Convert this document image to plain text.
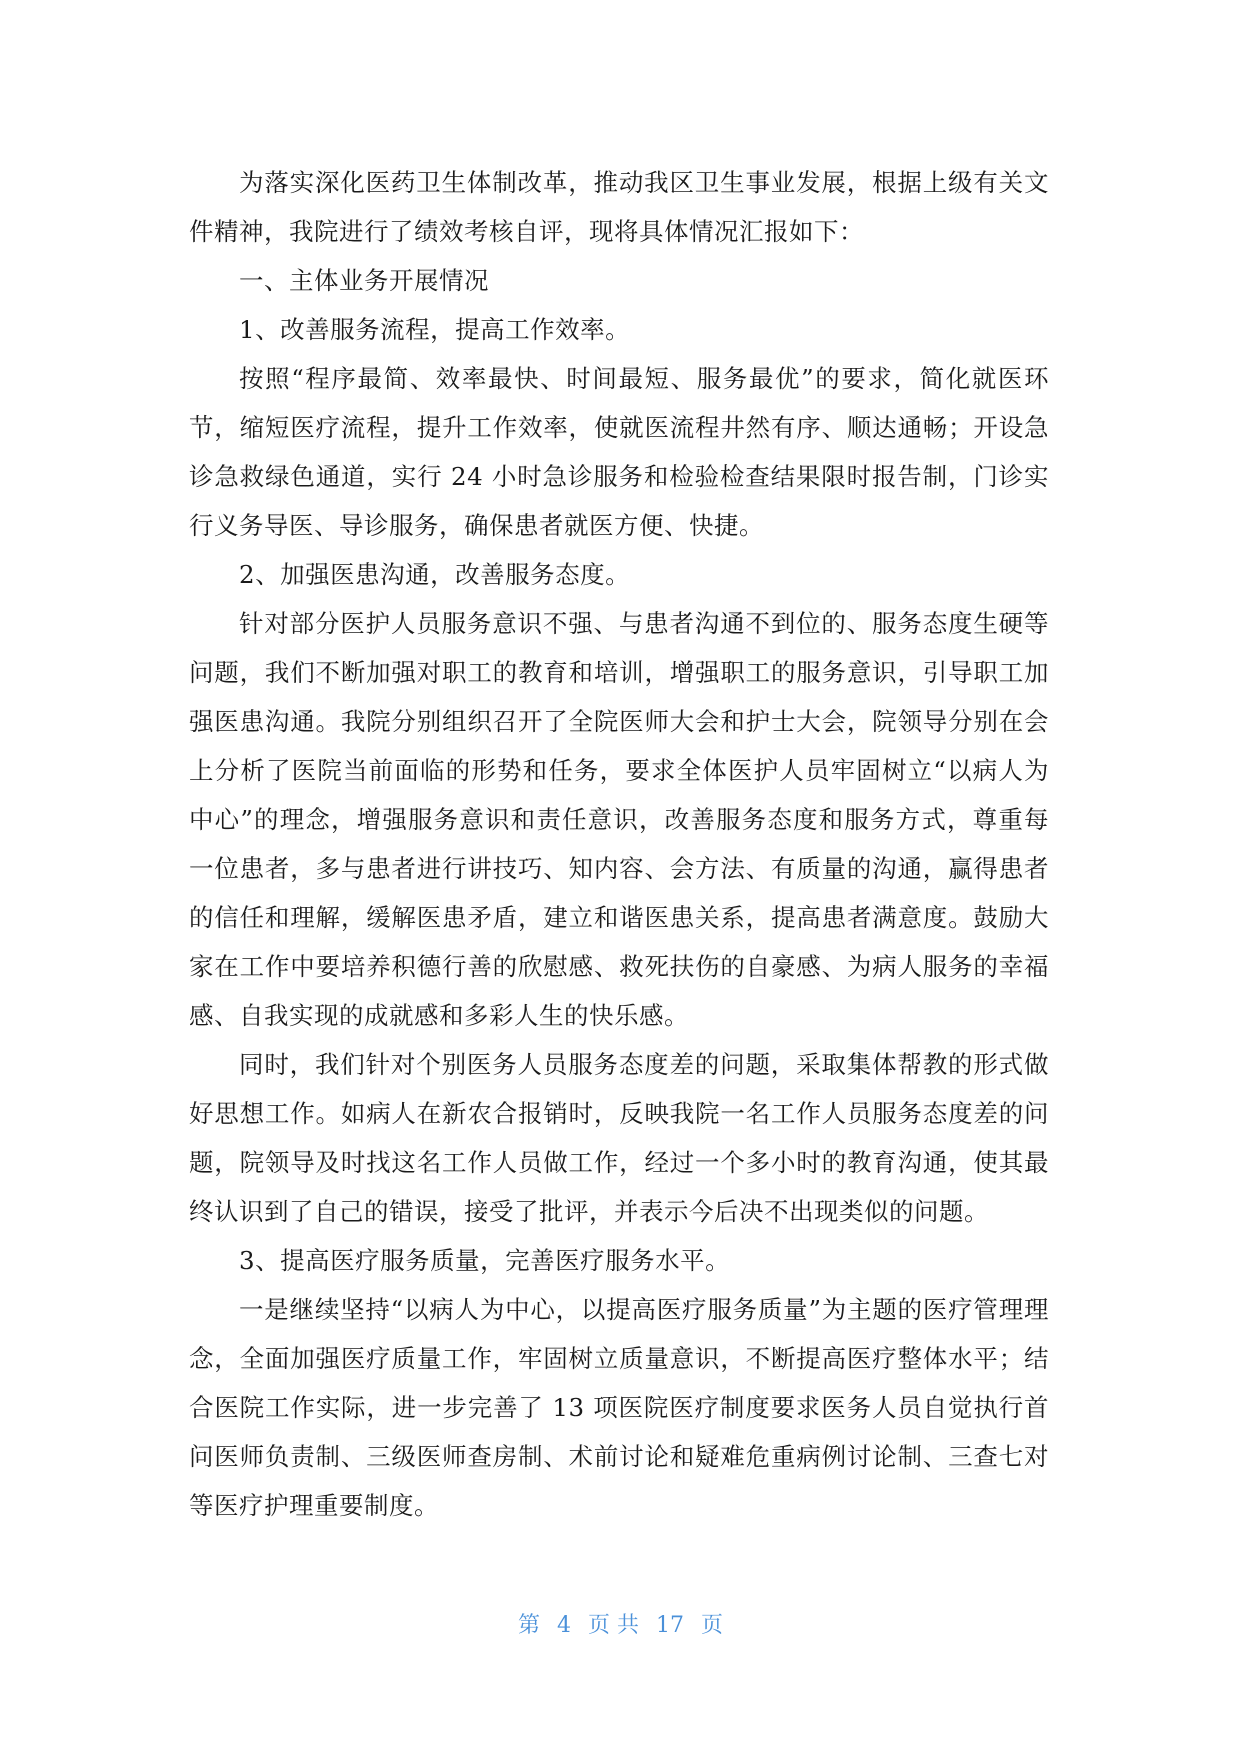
为落实深化医药卫生体制改革，推动我区卫生事业发展，根据上级有关文件精神，我院进行了绩效考核自评，现将具体情况汇报如下：

一、主体业务开展情况

1、改善服务流程，提高工作效率。

按照“程序最简、效率最快、时间最短、服务最优”的要求，简化就医环节，缩短医疗流程，提升工作效率，使就医流程井然有序、顺达通畅；开设急诊急救绿色通道，实行 24 小时急诊服务和检验检查结果限时报告制，门诊实行义务导医、导诊服务，确保患者就医方便、快捷。

2、加强医患沟通，改善服务态度。

针对部分医护人员服务意识不强、与患者沟通不到位的、服务态度生硬等问题，我们不断加强对职工的教育和培训，增强职工的服务意识，引导职工加强医患沟通。我院分别组织召开了全院医师大会和护士大会，院领导分别在会上分析了医院当前面临的形势和任务，要求全体医护人员牢固树立“以病人为中心”的理念，增强服务意识和责任意识，改善服务态度和服务方式，尊重每一位患者，多与患者进行讲技巧、知内容、会方法、有质量的沟通，赢得患者的信任和理解，缓解医患矛盾，建立和谐医患关系，提高患者满意度。鼓励大家在工作中要培养积德行善的欣慰感、救死扶伤的自豪感、为病人服务的幸福感、自我实现的成就感和多彩人生的快乐感。

同时，我们针对个别医务人员服务态度差的问题，采取集体帮教的形式做好思想工作。如病人在新农合报销时，反映我院一名工作人员服务态度差的问题，院领导及时找这名工作人员做工作，经过一个多小时的教育沟通，使其最终认识到了自己的错误，接受了批评，并表示今后决不出现类似的问题。

3、提高医疗服务质量，完善医疗服务水平。

一是继续坚持“以病人为中心，以提高医疗服务质量”为主题的医疗管理理念，全面加强医疗质量工作，牢固树立质量意识，不断提高医疗整体水平；结合医院工作实际，进一步完善了 13 项医院医疗制度要求医务人员自觉执行首问医师负责制、三级医师查房制、术前讨论和疑难危重病例讨论制、三查七对等医疗护理重要制度。

第 4 页 共 17 页
